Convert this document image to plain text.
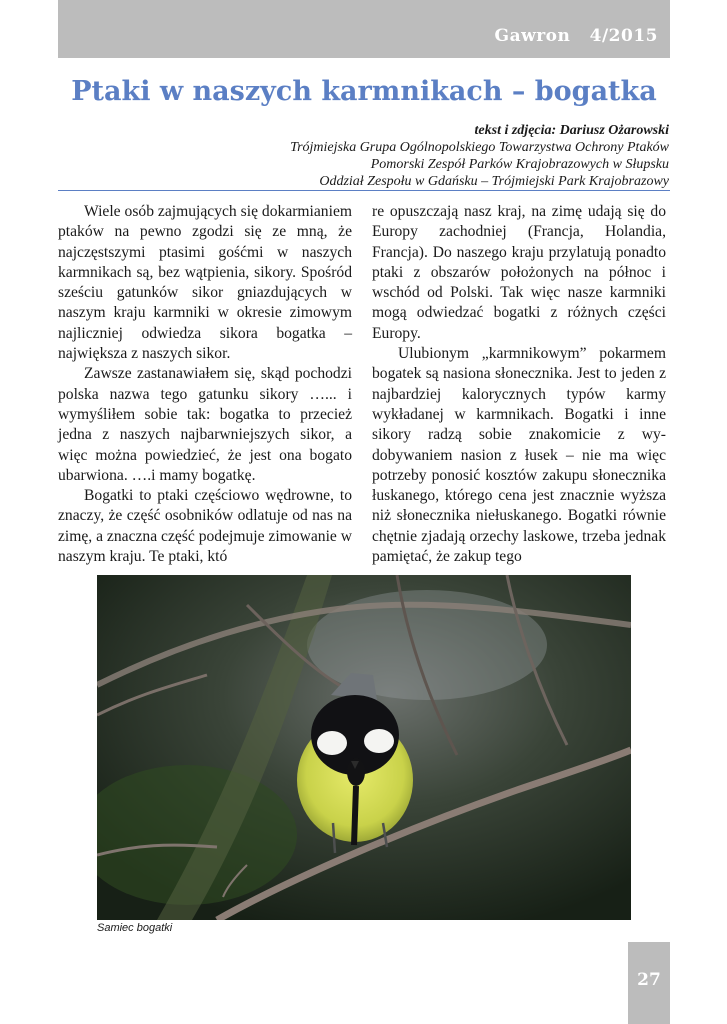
Gawron 4/2015
Ptaki w naszych karmnikach – bogatka
tekst i zdjęcia: Dariusz Ożarowski
Trójmiejska Grupa Ogólnopolskiego Towarzystwa Ochrony Ptaków
Pomorski Zespół Parków Krajobrazowych w Słupsku
Oddział Zespołu w Gdańsku – Trójmiejski Park Krajobrazowy

Wiele osób zajmujących się dokarmianiem ptaków na pewno zgodzi się ze mną, że najczęstszymi ptasimi gośćmi w naszych karmnikach są, bez wątpienia, sikory. Spośród sześciu gatunków sikor gniazdujących w naszym kraju karmniki w okresie zimowym najliczniej odwiedza sikora bogatka – największa z naszych sikor.

Zawsze zastanawiałem się, skąd pochodzi polska nazwa tego gatunku sikory …... i wymyśliłem sobie tak: bogatka to przecież jedna z naszych najbarwniejszych sikor, a więc można powiedzieć, że jest ona bogato ubarwiona. ….i mamy bogatkę.

Bogatki to ptaki częściowo wędrowne, to znaczy, że część osobników odlatuje od nas na zimę, a znaczna część podejmuje zimowanie w naszym kraju. Te ptaki, któ

re opuszczają nasz kraj, na zimę udają się do Europy zachodniej (Francja, Holandia, Francja). Do naszego kraju przylatują ponadto ptaki z obszarów położonych na północ i wschód od Polski. Tak więc nasze karmniki mogą odwiedzać bogatki z różnych części Europy.

Ulubionym „karmnikowym” pokarmem bogatek są nasiona słonecznika. Jest to jeden z najbardziej kalorycznych typów karmy wykładanej w karmnikach. Bogatki i inne sikory radzą sobie znakomicie z wydobywaniem nasion z łusek – nie ma więc potrzeby ponosić kosztów zakupu słonecznika łuskanego, którego cena jest znacznie wyższa niż słonecznika niełuskanego. Bogatki równie chętnie zjadają orzechy laskowe, trzeba jednak pamiętać, że zakup tego

Samiec bogatki
27
